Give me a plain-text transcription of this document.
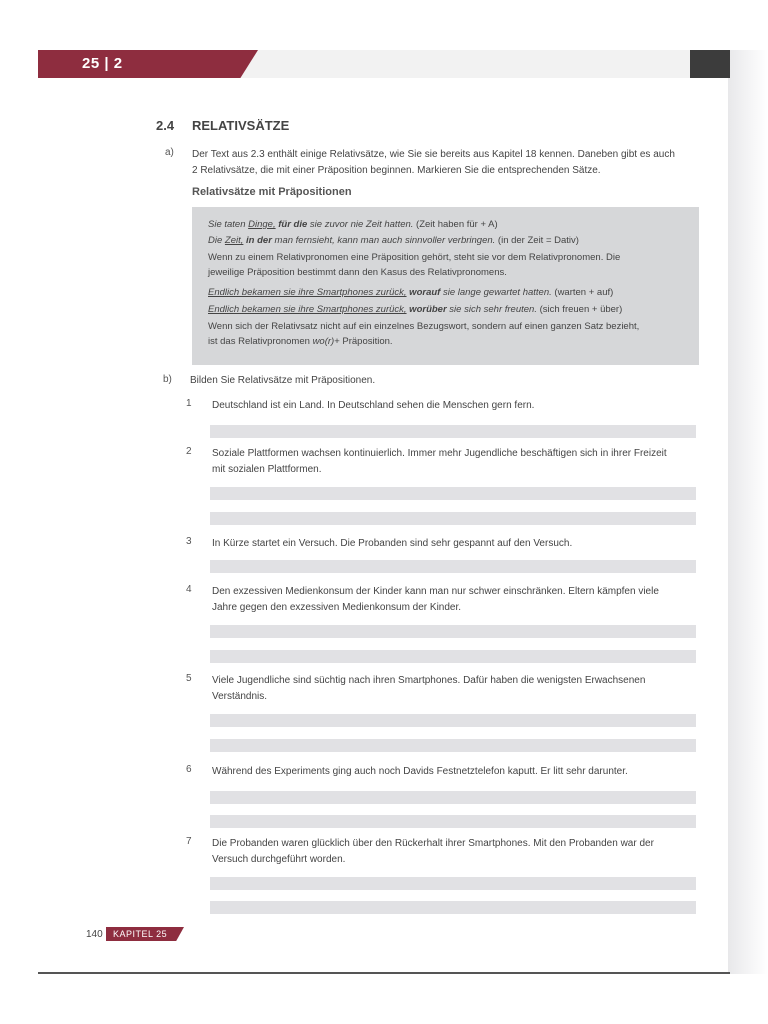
25 | 2
2.4 RELATIVSÄTZE
a) Der Text aus 2.3 enthält einige Relativsätze, wie Sie sie bereits aus Kapitel 18 kennen. Daneben gibt es auch
2 Relativsätze, die mit einer Präposition beginnen. Markieren Sie die entsprechenden Sätze.
Relativsätze mit Präpositionen
Sie taten Dinge, für die sie zuvor nie Zeit hatten. (Zeit haben für + A)
Die Zeit, in der man fernsieht, kann man auch sinnvoller verbringen. (in der Zeit = Dativ)
Wenn zu einem Relativpronomen eine Präposition gehört, steht sie vor dem Relativpronomen. Die
jeweilige Präposition bestimmt dann den Kasus des Relativpronomens.
Endlich bekamen sie ihre Smartphones zurück, worauf sie lange gewartet hatten. (warten + auf)
Endlich bekamen sie ihre Smartphones zurück, worüber sie sich sehr freuten. (sich freuen + über)
Wenn sich der Relativsatz nicht auf ein einzelnes Bezugswort, sondern auf einen ganzen Satz bezieht,
ist das Relativpronomen wo(r)+ Präposition.
b) Bilden Sie Relativsätze mit Präpositionen.
1 Deutschland ist ein Land. In Deutschland sehen die Menschen gern fern.
2 Soziale Plattformen wachsen kontinuierlich. Immer mehr Jugendliche beschäftigen sich in ihrer Freizeit
mit sozialen Plattformen.
3 In Kürze startet ein Versuch. Die Probanden sind sehr gespannt auf den Versuch.
4 Den exzessiven Medienkonsum der Kinder kann man nur schwer einschränken. Eltern kämpfen viele
Jahre gegen den exzessiven Medienkonsum der Kinder.
5 Viele Jugendliche sind süchtig nach ihren Smartphones. Dafür haben die wenigsten Erwachsenen
Verständnis.
6 Während des Experiments ging auch noch Davids Festnetztelefon kaputt. Er litt sehr darunter.
7 Die Probanden waren glücklich über den Rückerhalt ihrer Smartphones. Mit den Probanden war der
Versuch durchgeführt worden.
140 KAPITEL 25
